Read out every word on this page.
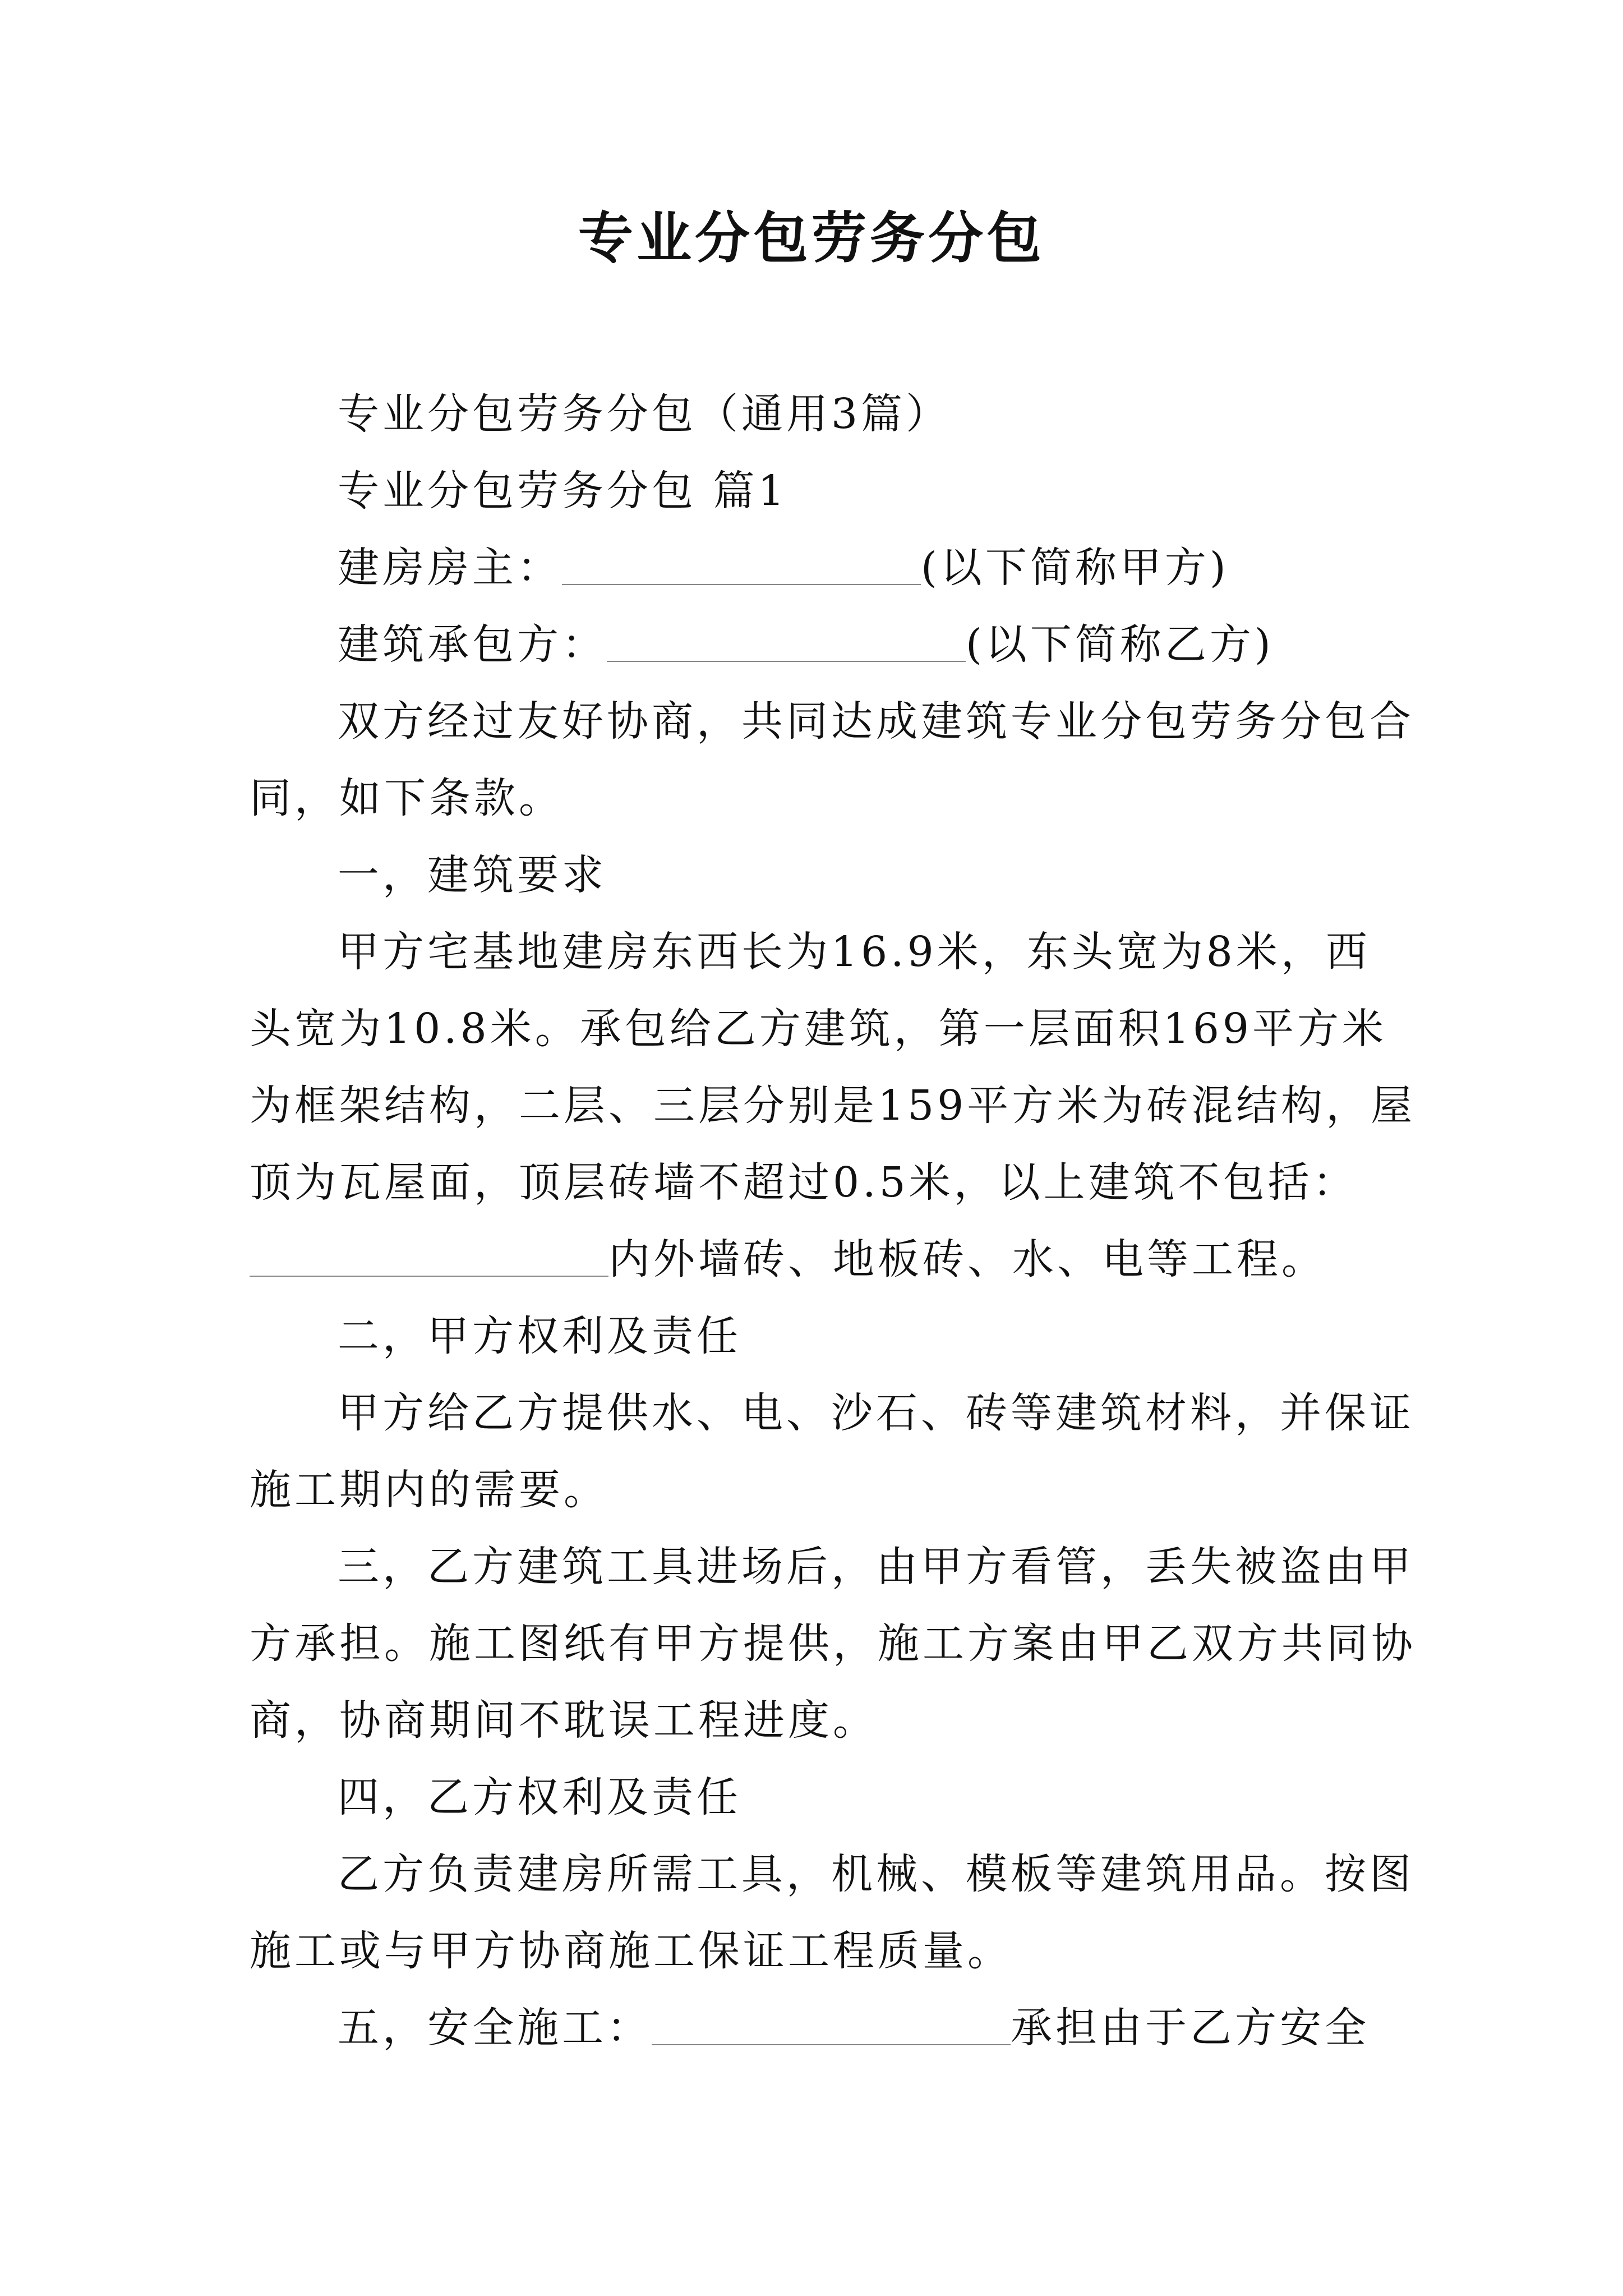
专业分包劳务分包

专业分包劳务分包（通用3篇）

专业分包劳务分包 篇1

建房房主：	(以下简称甲方)

建筑承包方：	(以下简称乙方)

双方经过友好协商，共同达成建筑专业分包劳务分包合

同，如下条款。

一，建筑要求

甲方宅基地建房东西长为16.9米，东头宽为8米，西

头宽为10.8米。承包给乙方建筑，第一层面积169平方米

为框架结构，二层、三层分别是159平方米为砖混结构，屋

顶为瓦屋面，顶层砖墙不超过0.5米，以上建筑不包括：

内外墙砖、地板砖、水、电等工程。

二，甲方权利及责任

甲方给乙方提供水、电、沙石、砖等建筑材料，并保证

施工期内的需要。

三，乙方建筑工具进场后，由甲方看管，丢失被盗由甲

方承担。施工图纸有甲方提供，施工方案由甲乙双方共同协

商，协商期间不耽误工程进度。

四，乙方权利及责任

乙方负责建房所需工具，机械、模板等建筑用品。按图

施工或与甲方协商施工保证工程质量。

五，安全施工：	承担由于乙方安全
